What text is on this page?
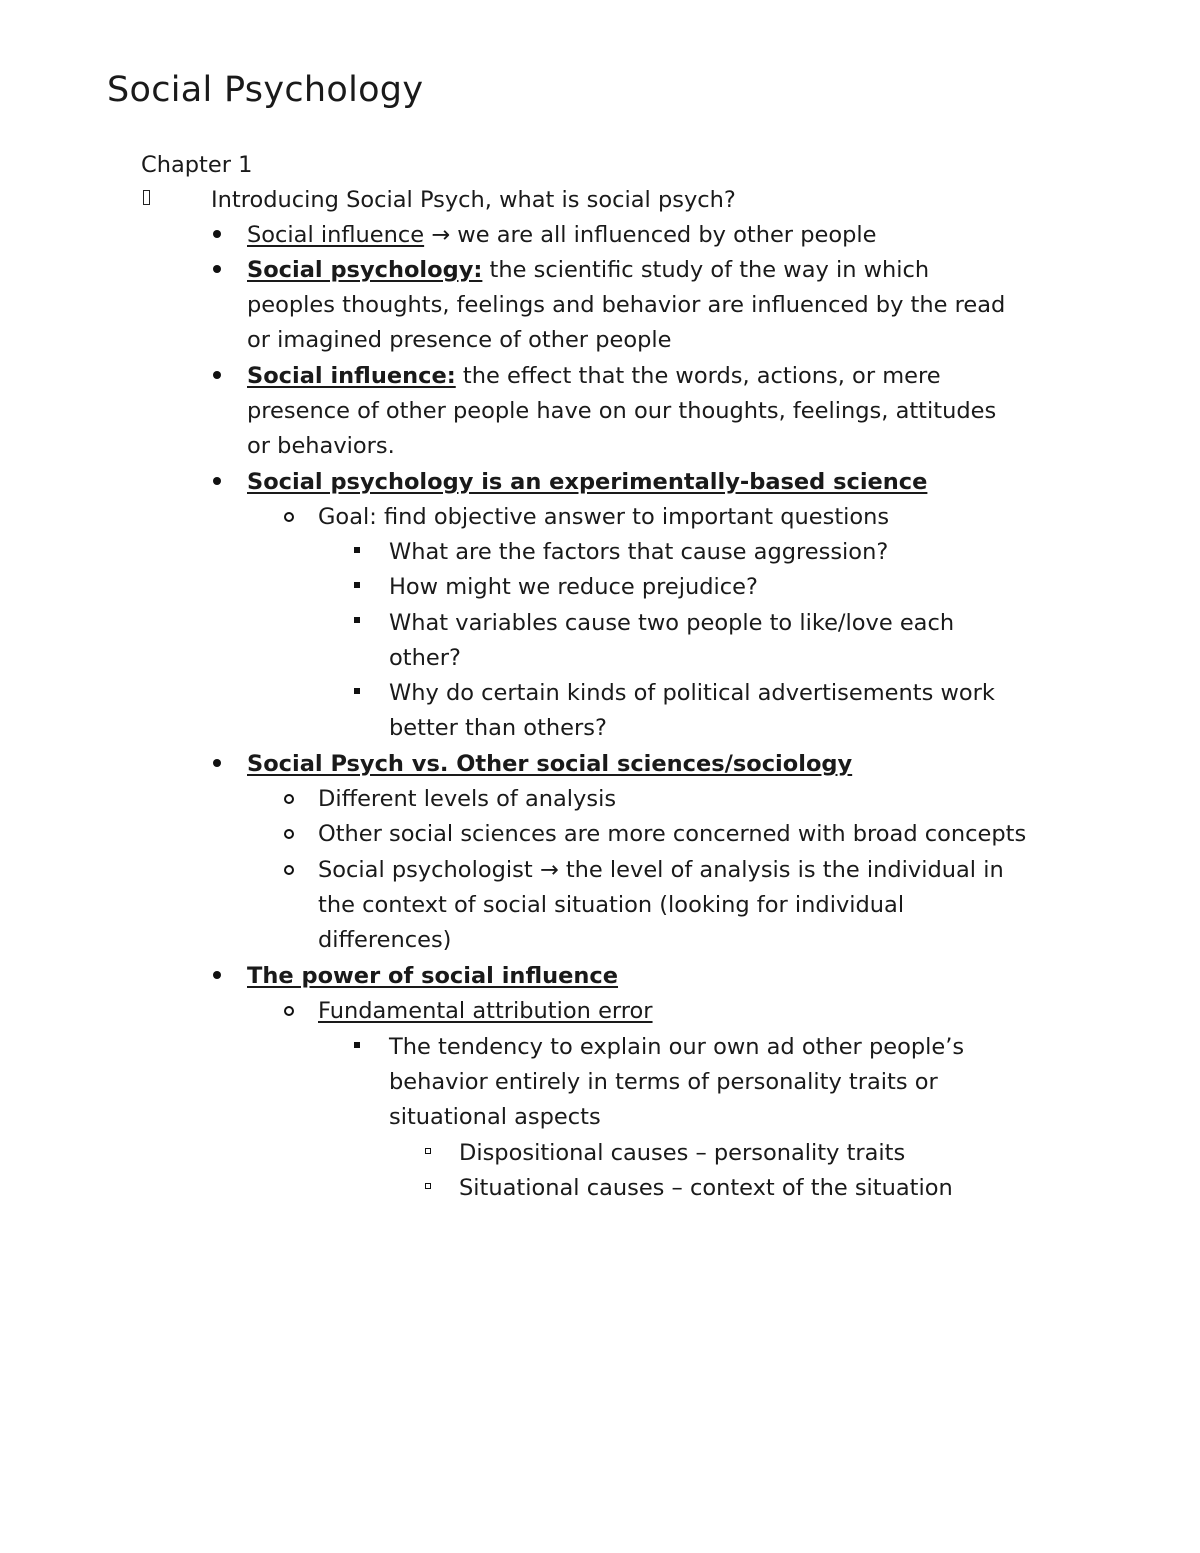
Social Psychology
Chapter 1
Introducing Social Psych, what is social psych?
Social influence → we are all influenced by other people
Social psychology: the scientific study of the way in which
peoples thoughts, feelings and behavior are influenced by the read
or imagined presence of other people
Social influence: the effect that the words, actions, or mere
presence of other people have on our thoughts, feelings, attitudes
or behaviors.
Social psychology is an experimentally-based science
Goal: find objective answer to important questions
What are the factors that cause aggression?
How might we reduce prejudice?
What variables cause two people to like/love each
other?
Why do certain kinds of political advertisements work
better than others?
Social Psych vs. Other social sciences/sociology
Different levels of analysis
Other social sciences are more concerned with broad concepts
Social psychologist → the level of analysis is the individual in
the context of social situation (looking for individual
differences)
The power of social influence
Fundamental attribution error
The tendency to explain our own ad other people’s
behavior entirely in terms of personality traits or
situational aspects
Dispositional causes – personality traits
Situational causes – context of the situation
